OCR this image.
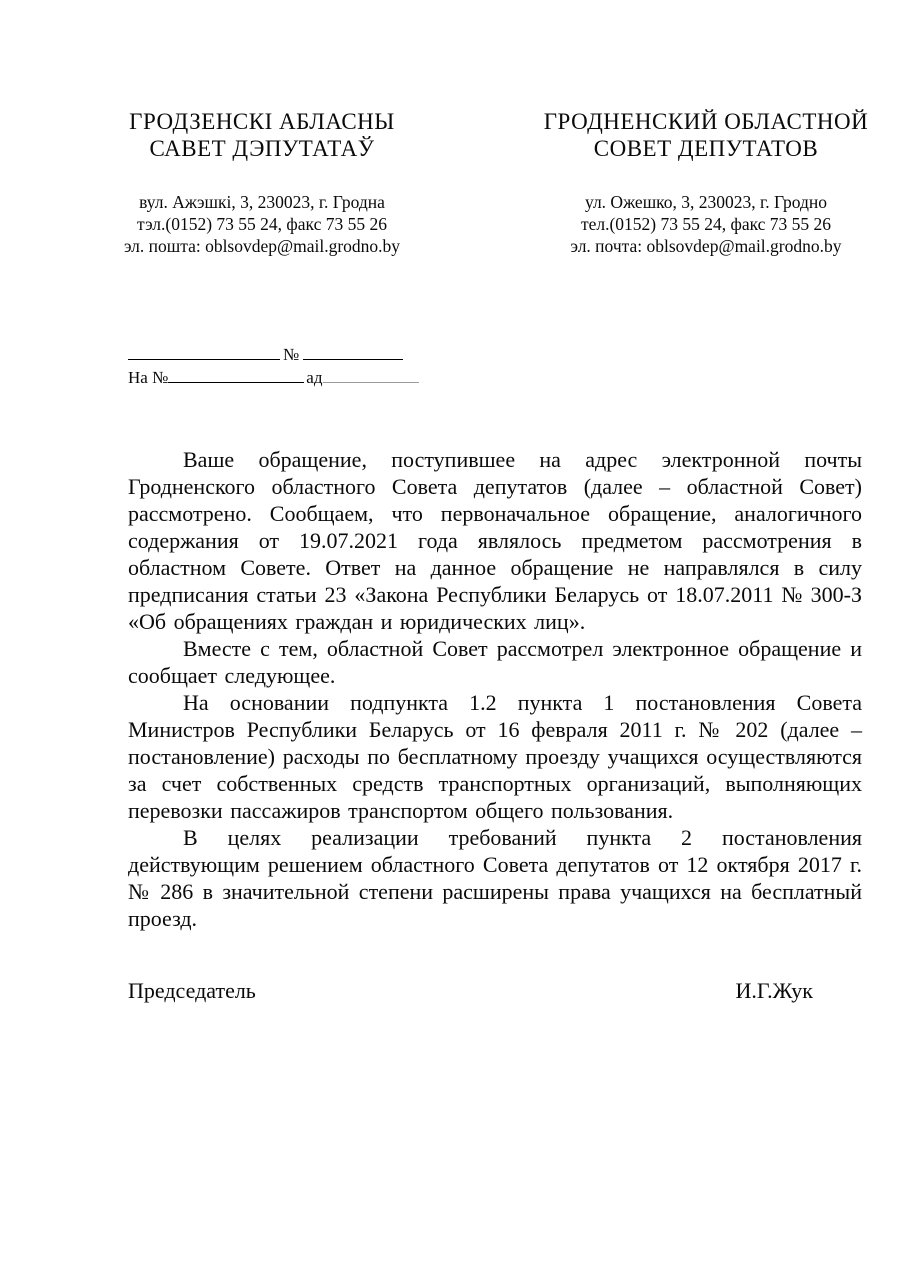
ГРОДЗЕНСКІ АБЛАСНЫ
САВЕТ ДЭПУТАТАЎ
вул. Ажэшкі, 3, 230023, г. Гродна
тэл.(0152) 73 55 24, факс 73 55 26
эл. пошта: oblsovdep@mail.grodno.by
ГРОДНЕНСКИЙ ОБЛАСТНОЙ
СОВЕТ ДЕПУТАТОВ
ул. Ожешко, 3, 230023, г. Гродно
тел.(0152) 73 55 24, факс 73 55 26
эл. почта: oblsovdep@mail.grodno.by
№
На №	ад

Ваше обращение, поступившее на адрес электронной почты Гродненского областного Совета депутатов (далее – областной Совет) рассмотрено. Сообщаем, что первоначальное обращение, аналогичного содержания от 19.07.2021 года являлось предметом рассмотрения в областном Совете. Ответ на данное обращение не направлялся в силу предписания статьи 23 «Закона Республики Беларусь от 18.07.2011 № 300-З «Об обращениях граждан и юридических лиц».

Вместе с тем, областной Совет рассмотрел электронное обращение и сообщает следующее.

На основании подпункта 1.2 пункта 1 постановления Совета Министров Республики Беларусь от 16 февраля 2011 г. № 202 (далее –постановление) расходы по бесплатному проезду учащихся осуществляются за счет собственных средств транспортных организаций, выполняющих перевозки пассажиров транспортом общего пользования.

В целях реализации требований пункта 2 постановления действующим решением областного Совета депутатов от 12 октября 2017 г. № 286 в значительной степени расширены права учащихся на бесплатный проезд.

Председатель	И.Г.Жук
